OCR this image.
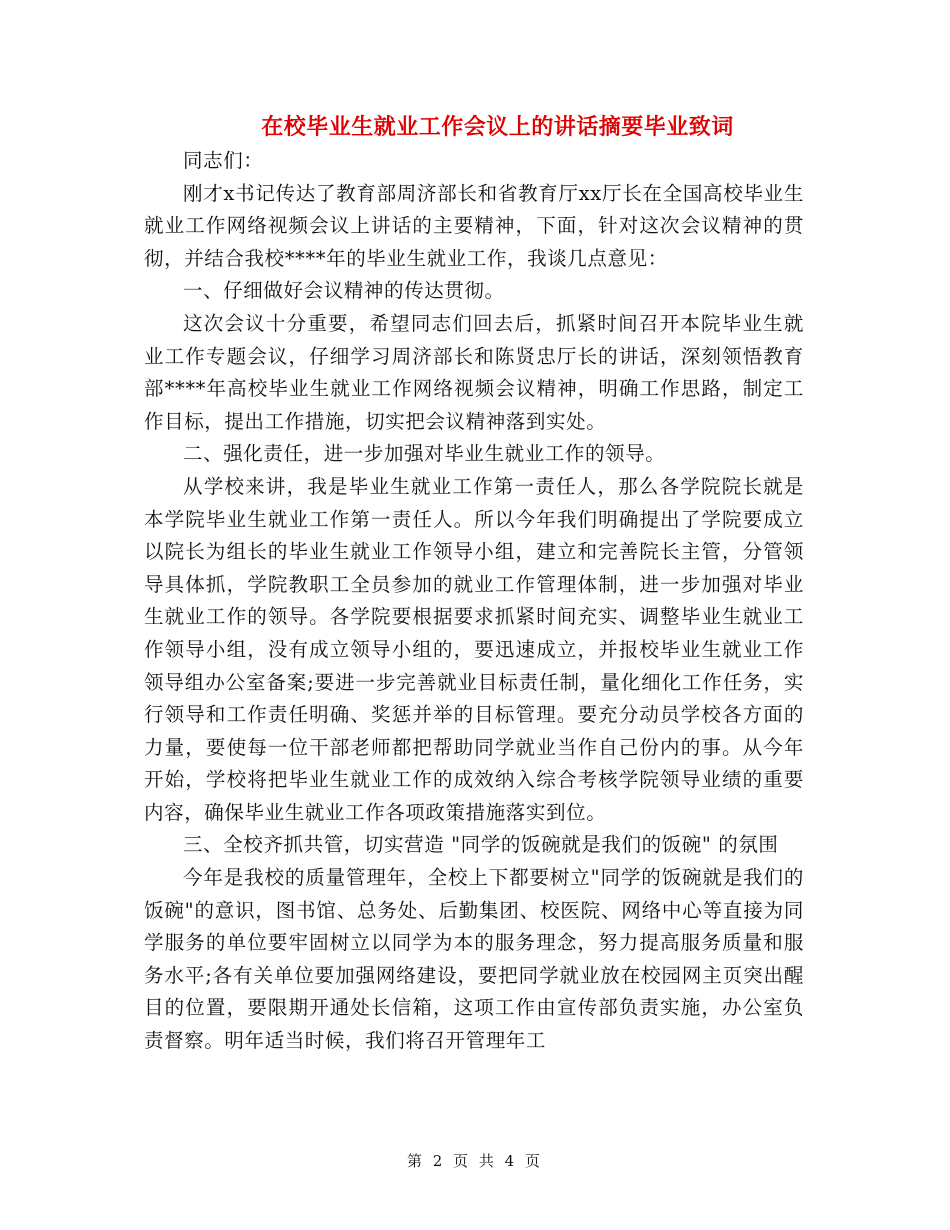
在校毕业生就业工作会议上的讲话摘要毕业致词

同志们：

刚才x书记传达了教育部周济部长和省教育厅xx厅长在全国高校毕业生就业工作网络视频会议上讲话的主要精神，下面，针对这次会议精神的贯彻，并结合我校****年的毕业生就业工作，我谈几点意见：

一、仔细做好会议精神的传达贯彻。

这次会议十分重要，希望同志们回去后，抓紧时间召开本院毕业生就业工作专题会议，仔细学习周济部长和陈贤忠厅长的讲话，深刻领悟教育部****年高校毕业生就业工作网络视频会议精神，明确工作思路，制定工作目标，提出工作措施，切实把会议精神落到实处。

二、强化责任，进一步加强对毕业生就业工作的领导。

从学校来讲，我是毕业生就业工作第一责任人，那么各学院院长就是本学院毕业生就业工作第一责任人。所以今年我们明确提出了学院要成立以院长为组长的毕业生就业工作领导小组，建立和完善院长主管，分管领导具体抓，学院教职工全员参加的就业工作管理体制，进一步加强对毕业生就业工作的领导。各学院要根据要求抓紧时间充实、调整毕业生就业工作领导小组，没有成立领导小组的，要迅速成立，并报校毕业生就业工作领导组办公室备案;要进一步完善就业目标责任制，量化细化工作任务，实行领导和工作责任明确、奖惩并举的目标管理。要充分动员学校各方面的力量，要使每一位干部老师都把帮助同学就业当作自己份内的事。从今年开始，学校将把毕业生就业工作的成效纳入综合考核学院领导业绩的重要内容，确保毕业生就业工作各项政策措施落实到位。

三、全校齐抓共管，切实营造 "同学的饭碗就是我们的饭碗" 的氛围

今年是我校的质量管理年，全校上下都要树立"同学的饭碗就是我们的饭碗"的意识，图书馆、总务处、后勤集团、校医院、网络中心等直接为同学服务的单位要牢固树立以同学为本的服务理念，努力提高服务质量和服务水平;各有关单位要加强网络建设，要把同学就业放在校园网主页突出醒目的位置，要限期开通处长信箱，这项工作由宣传部负责实施，办公室负责督察。明年适当时候，我们将召开管理年工

第 2 页 共 4 页
